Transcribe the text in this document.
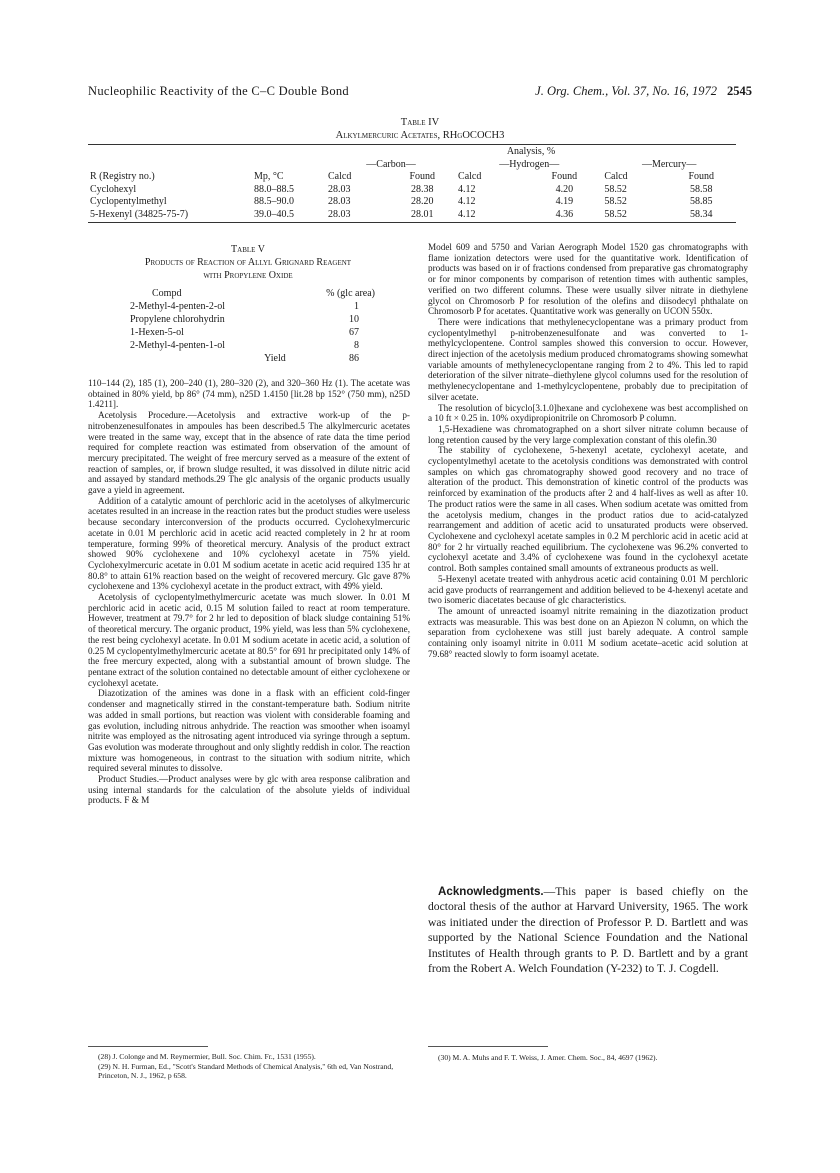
Nucleophilic Reactivity of the C–C Double Bond	J. Org. Chem., Vol. 37, No. 16, 1972 2545
Table IV
Alkylmercuric Acetates, RHgOCOCH3
		Analysis, %					
		—Carbon—		—Hydrogen—		—Mercury—	
R (Registry no.)	Mp, °C	Calcd	Found	Calcd	Found	Calcd	Found
Cyclohexyl	88.0–88.5	28.03	28.38	4.12	4.20	58.52	58.58
Cyclopentylmethyl	88.5–90.0	28.03	28.20	4.12	4.19	58.52	58.85
5-Hexenyl (34825-75-7)	39.0–40.5	28.03	28.01	4.12	4.36	58.52	58.34
Table V
Products of Reaction of Allyl Grignard Reagent
with Propylene Oxide
Compd	% (glc area)
2-Methyl-4-penten-2-ol	1
Propylene chlorohydrin	10
1-Hexen-5-ol	67
2-Methyl-4-penten-1-ol	8
Yield	86

110–144 (2), 185 (1), 200–240 (1), 280–320 (2), and 320–360 Hz (1). The acetate was obtained in 80% yield, bp 86° (74 mm), n25D 1.4150 [lit.28 bp 152° (750 mm), n25D 1.4211].

Acetolysis Procedure.—Acetolysis and extractive work-up of the p-nitrobenzenesulfonates in ampoules has been described.5 The alkylmercuric acetates were treated in the same way, except that in the absence of rate data the time period required for complete reaction was estimated from observation of the amount of mercury precipitated. The weight of free mercury served as a measure of the extent of reaction of samples, or, if brown sludge resulted, it was dissolved in dilute nitric acid and assayed by standard methods.29 The glc analysis of the organic products usually gave a yield in agreement.

Addition of a catalytic amount of perchloric acid in the acetolyses of alkylmercuric acetates resulted in an increase in the reaction rates but the product studies were useless because secondary interconversion of the products occurred. Cyclohexylmercuric acetate in 0.01 M perchloric acid in acetic acid reacted completely in 2 hr at room temperature, forming 99% of theoretical mercury. Analysis of the product extract showed 90% cyclohexene and 10% cyclohexyl acetate in 75% yield. Cyclohexylmercuric acetate in 0.01 M sodium acetate in acetic acid required 135 hr at 80.8° to attain 61% reaction based on the weight of recovered mercury. Glc gave 87% cyclohexene and 13% cyclohexyl acetate in the product extract, with 49% yield.

Acetolysis of cyclopentylmethylmercuric acetate was much slower. In 0.01 M perchloric acid in acetic acid, 0.15 M solution failed to react at room temperature. However, treatment at 79.7° for 2 hr led to deposition of black sludge containing 51% of theoretical mercury. The organic product, 19% yield, was less than 5% cyclohexene, the rest being cyclohexyl acetate. In 0.01 M sodium acetate in acetic acid, a solution of 0.25 M cyclopentylmethylmercuric acetate at 80.5° for 691 hr precipitated only 14% of the free mercury expected, along with a substantial amount of brown sludge. The pentane extract of the solution contained no detectable amount of either cyclohexene or cyclohexyl acetate.

Diazotization of the amines was done in a flask with an efficient cold-finger condenser and magnetically stirred in the constant-temperature bath. Sodium nitrite was added in small portions, but reaction was violent with considerable foaming and gas evolution, including nitrous anhydride. The reaction was smoother when isoamyl nitrite was employed as the nitrosating agent introduced via syringe through a septum. Gas evolution was moderate throughout and only slightly reddish in color. The reaction mixture was homogeneous, in contrast to the situation with sodium nitrite, which required several minutes to dissolve.

Product Studies.—Product analyses were by glc with area response calibration and using internal standards for the calculation of the absolute yields of individual products. F & M

Model 609 and 5750 and Varian Aerograph Model 1520 gas chromatographs with flame ionization detectors were used for the quantitative work. Identification of products was based on ir of fractions condensed from preparative gas chromatography or for minor components by comparison of retention times with authentic samples, verified on two different columns. These were usually silver nitrate in diethylene glycol on Chromosorb P for resolution of the olefins and diisodecyl phthalate on Chromosorb P for acetates. Quantitative work was generally on UCON 550x.

There were indications that methylenecyclopentane was a primary product from cyclopentylmethyl p-nitrobenzenesulfonate and was converted to 1-methylcyclopentene. Control samples showed this conversion to occur. However, direct injection of the acetolysis medium produced chromatograms showing somewhat variable amounts of methylenecyclopentane ranging from 2 to 4%. This led to rapid deterioration of the silver nitrate–diethylene glycol columns used for the resolution of methylenecyclopentane and 1-methylcyclopentene, probably due to precipitation of silver acetate.

The resolution of bicyclo[3.1.0]hexane and cyclohexene was best accomplished on a 10 ft × 0.25 in. 10% oxydipropionitrile on Chromosorb P column.

1,5-Hexadiene was chromatographed on a short silver nitrate column because of long retention caused by the very large complexation constant of this olefin.30

The stability of cyclohexene, 5-hexenyl acetate, cyclohexyl acetate, and cyclopentylmethyl acetate to the acetolysis conditions was demonstrated with control samples on which gas chromatography showed good recovery and no trace of alteration of the product. This demonstration of kinetic control of the products was reinforced by examination of the products after 2 and 4 half-lives as well as after 10. The product ratios were the same in all cases. When sodium acetate was omitted from the acetolysis medium, changes in the product ratios due to acid-catalyzed rearrangement and addition of acetic acid to unsaturated products were observed. Cyclohexene and cyclohexyl acetate samples in 0.2 M perchloric acid in acetic acid at 80° for 2 hr virtually reached equilibrium. The cyclohexene was 96.2% converted to cyclohexyl acetate and 3.4% of cyclohexene was found in the cyclohexyl acetate control. Both samples contained small amounts of extraneous products as well.

5-Hexenyl acetate treated with anhydrous acetic acid containing 0.01 M perchloric acid gave products of rearrangement and addition believed to be 4-hexenyl acetate and two isomeric diacetates because of glc characteristics.

The amount of unreacted isoamyl nitrite remaining in the diazotization product extracts was measurable. This was best done on an Apiezon N column, on which the separation from cyclohexene was still just barely adequate. A control sample containing only isoamyl nitrite in 0.011 M sodium acetate–acetic acid solution at 79.68° reacted slowly to form isoamyl acetate.

Acknowledgments.—This paper is based chiefly on the doctoral thesis of the author at Harvard University, 1965. The work was initiated under the direction of Professor P. D. Bartlett and was supported by the National Science Foundation and the National Institutes of Health through grants to P. D. Bartlett and by a grant from the Robert A. Welch Foundation (Y-232) to T. J. Cogdell.

(28) J. Colonge and M. Reymermier, Bull. Soc. Chim. Fr., 1531 (1955).

(29) N. H. Furman, Ed., "Scott's Standard Methods of Chemical Analysis," 6th ed, Van Nostrand, Princeton, N. J., 1962, p 658.

(30) M. A. Muhs and F. T. Weiss, J. Amer. Chem. Soc., 84, 4697 (1962).
